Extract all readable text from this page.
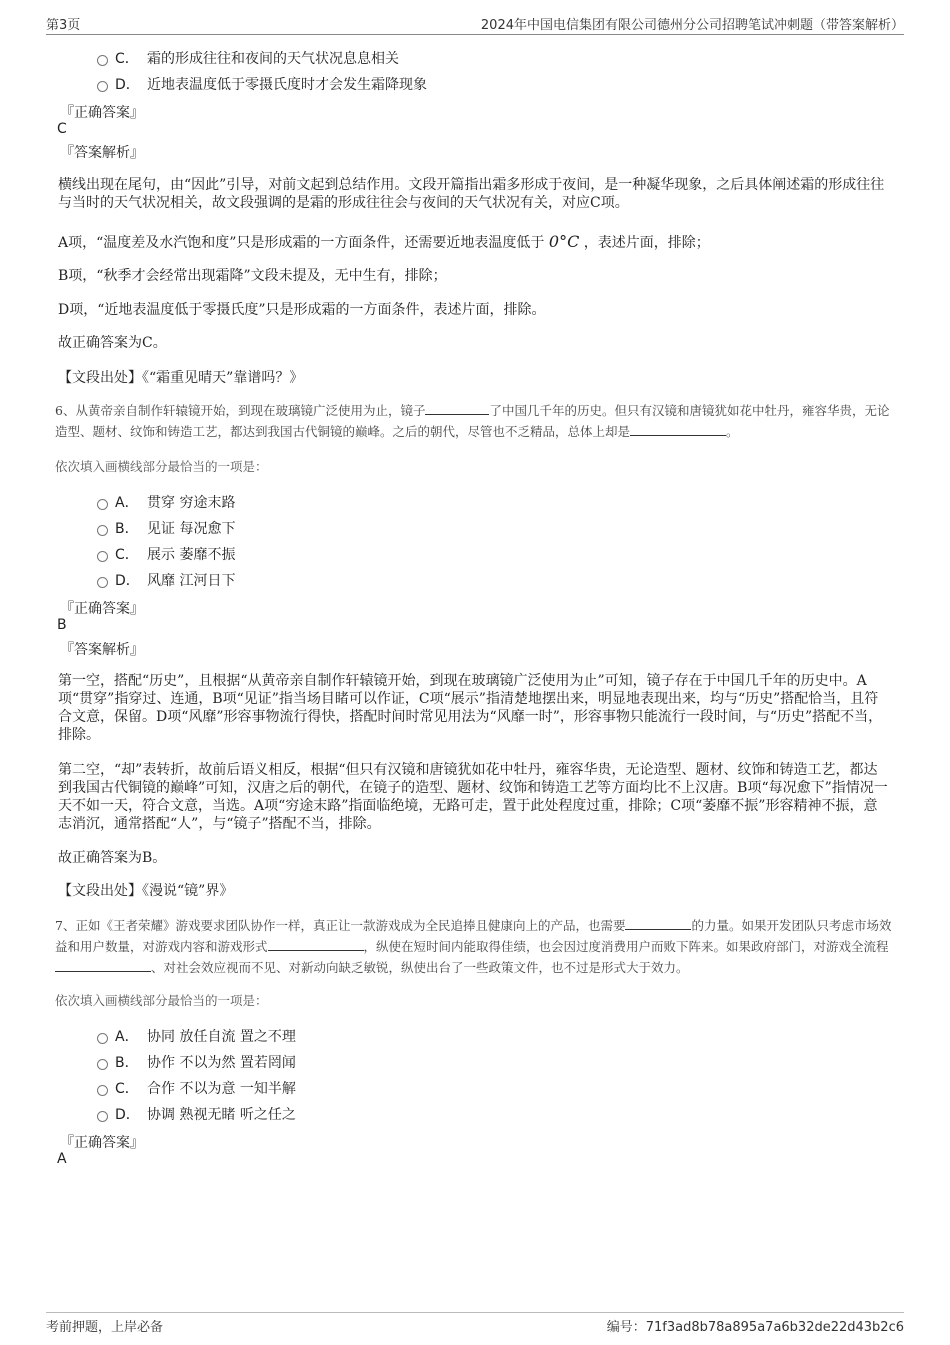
第3页	2024年中国电信集团有限公司德州分公司招聘笔试冲刺题（带答案解析）
C． 霜的形成往往和夜间的天气状况息息相关
D． 近地表温度低于零摄氏度时才会发生霜降现象
『正确答案』
C
『答案解析』
横线出现在尾句，由“因此”引导，对前文起到总结作用。文段开篇指出霜多形成于夜间，是一种凝华现象，之后具体阐述霜的形成往往与当时的天气状况相关，故文段强调的是霜的形成往往会与夜间的天气状况有关，对应C项。
A项，“温度差及水汽饱和度”只是形成霜的一方面条件，还需要近地表温度低于 0°C ，表述片面，排除；
B项，“秋季才会经常出现霜降”文段未提及，无中生有，排除；
D项，“近地表温度低于零摄氏度”只是形成霜的一方面条件，表述片面，排除。
故正确答案为C。
【文段出处】《“霜重见晴天”靠谱吗？》
6、从黄帝亲自制作轩辕镜开始，到现在玻璃镜广泛使用为止，镜子	了中国几千年的历史。但只有汉镜和唐镜犹如花中牡丹，雍容华贵，无论造型、题材、纹饰和铸造工艺，都达到我国古代铜镜的巅峰。之后的朝代，尽管也不乏精品，总体上却是	。
依次填入画横线部分最恰当的一项是：
A． 贯穿 穷途末路
B． 见证 每况愈下
C． 展示 萎靡不振
D． 风靡 江河日下
『正确答案』
B
『答案解析』
第一空，搭配“历史”，且根据“从黄帝亲自制作轩辕镜开始，到现在玻璃镜广泛使用为止”可知，镜子存在于中国几千年的历史中。A项“贯穿”指穿过、连通，B项“见证”指当场目睹可以作证，C项“展示”指清楚地摆出来，明显地表现出来，均与“历史”搭配恰当，且符合文意，保留。D项“风靡”形容事物流行得快，搭配时间时常见用法为“风靡一时”，形容事物只能流行一段时间，与“历史”搭配不当，排除。
第二空，“却”表转折，故前后语义相反，根据“但只有汉镜和唐镜犹如花中牡丹，雍容华贵，无论造型、题材、纹饰和铸造工艺，都达到我国古代铜镜的巅峰”可知，汉唐之后的朝代，在镜子的造型、题材、纹饰和铸造工艺等方面均比不上汉唐。B项“每况愈下”指情况一天不如一天，符合文意，当选。A项“穷途末路”指面临绝境，无路可走，置于此处程度过重，排除；C项“萎靡不振”形容精神不振，意志消沉，通常搭配“人”，与“镜子”搭配不当，排除。
故正确答案为B。
【文段出处】《漫说“镜”界》
7、正如《王者荣耀》游戏要求团队协作一样，真正让一款游戏成为全民追捧且健康向上的产品，也需要	的力量。如果开发团队只考虑市场效益和用户数量，对游戏内容和游戏形式	，纵使在短时间内能取得佳绩，也会因过度消费用户而败下阵来。如果政府部门，对游戏全流程、对社会效应视而不见、对新动向缺乏敏锐，纵使出台了一些政策文件，也不过是形式大于效力。
依次填入画横线部分最恰当的一项是：
A． 协同 放任自流 置之不理
B． 协作 不以为然 置若罔闻
C． 合作 不以为意 一知半解
D． 协调 熟视无睹 听之任之
『正确答案』
A
考前押题，上岸必备	编号：71f3ad8b78a895a7a6b32de22d43b2c6
